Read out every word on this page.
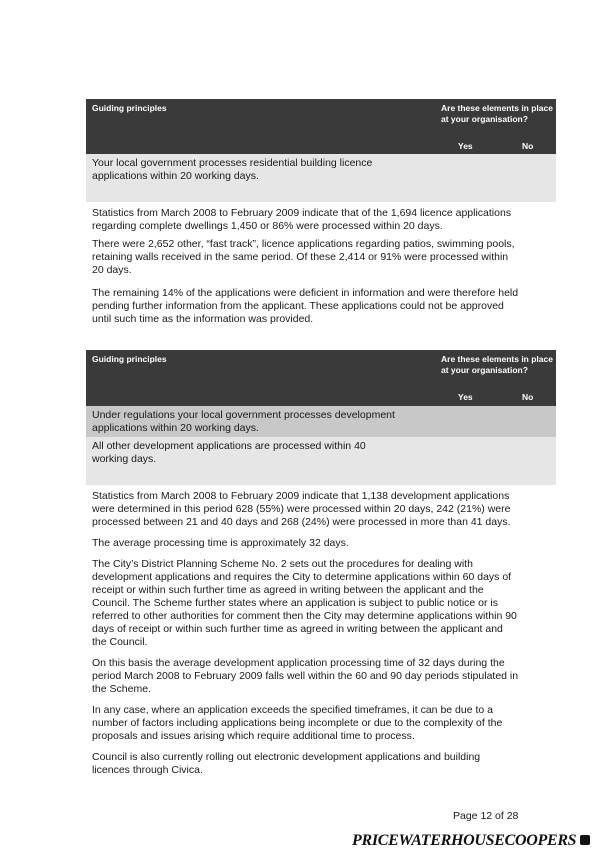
Guiding principles	Are these elements in place at your organisation?
Yes	No
Your local government processes residential building licence applications within 20 working days.

Statistics from March 2008 to February 2009 indicate that of the 1,694 licence applications regarding complete dwellings 1,450 or 86% were processed within 20 days.

There were 2,652 other, “fast track”, licence applications regarding patios, swimming pools, retaining walls received in the same period. Of these 2,414 or 91% were processed within 20 days.

The remaining 14% of the applications were deficient in information and were therefore held pending further information from the applicant. These applications could not be approved until such time as the information was provided.

Guiding principles	Are these elements in place at your organisation?
Yes	No
Under regulations your local government processes development applications within 20 working days.
All other development applications are processed within 40 working days.

Statistics from March 2008 to February 2009 indicate that 1,138 development applications were determined in this period 628 (55%) were processed within 20 days, 242 (21%) were processed between 21 and 40 days and 268 (24%) were processed in more than 41 days.

The average processing time is approximately 32 days.

The City’s District Planning Scheme No. 2 sets out the procedures for dealing with development applications and requires the City to determine applications within 60 days of receipt or within such further time as agreed in writing between the applicant and the Council. The Scheme further states where an application is subject to public notice or is referred to other authorities for comment then the City may determine applications within 90 days of receipt or within such further time as agreed in writing between the applicant and the Council.

On this basis the average development application processing time of 32 days during the period March 2008 to February 2009 falls well within the 60 and 90 day periods stipulated in the Scheme.

In any case, where an application exceeds the specified timeframes, it can be due to a number of factors including applications being incomplete or due to the complexity of the proposals and issues arising which require additional time to process.

Council is also currently rolling out electronic development applications and building licences through Civica.

Page 12 of 28
PRICEWATERHOUSECOOPERS
